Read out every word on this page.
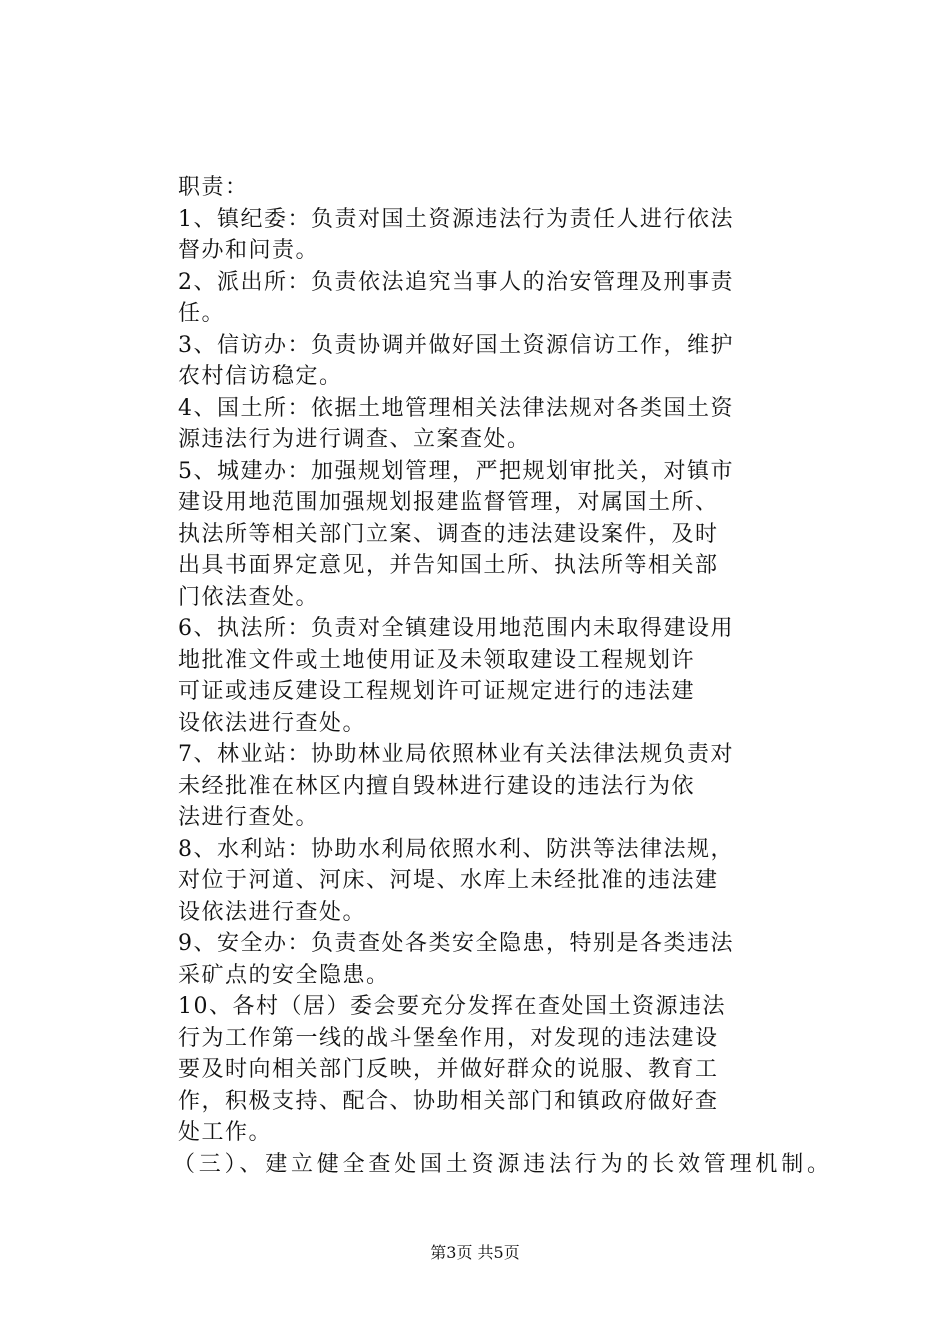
职责：
1、镇纪委：负责对国土资源违法行为责任人进行依法
督办和问责。
2、派出所：负责依法追究当事人的治安管理及刑事责
任。
3、信访办：负责协调并做好国土资源信访工作，维护
农村信访稳定。
4、国土所：依据土地管理相关法律法规对各类国土资
源违法行为进行调查、立案查处。
5、城建办：加强规划管理，严把规划审批关，对镇市
建设用地范围加强规划报建监督管理，对属国土所、
执法所等相关部门立案、调查的违法建设案件，及时
出具书面界定意见，并告知国土所、执法所等相关部
门依法查处。
6、执法所：负责对全镇建设用地范围内未取得建设用
地批准文件或土地使用证及未领取建设工程规划许
可证或违反建设工程规划许可证规定进行的违法建
设依法进行查处。
7、林业站：协助林业局依照林业有关法律法规负责对
未经批准在林区内擅自毁林进行建设的违法行为依
法进行查处。
8、水利站：协助水利局依照水利、防洪等法律法规，
对位于河道、河床、河堤、水库上未经批准的违法建
设依法进行查处。
9、安全办：负责查处各类安全隐患，特别是各类违法
采矿点的安全隐患。
10、各村（居）委会要充分发挥在查处国土资源违法
行为工作第一线的战斗堡垒作用，对发现的违法建设
要及时向相关部门反映，并做好群众的说服、教育工
作，积极支持、配合、协助相关部门和镇政府做好查
处工作。
（三）、建立健全查处国土资源违法行为的长效管理机制。
第3页 共5页
